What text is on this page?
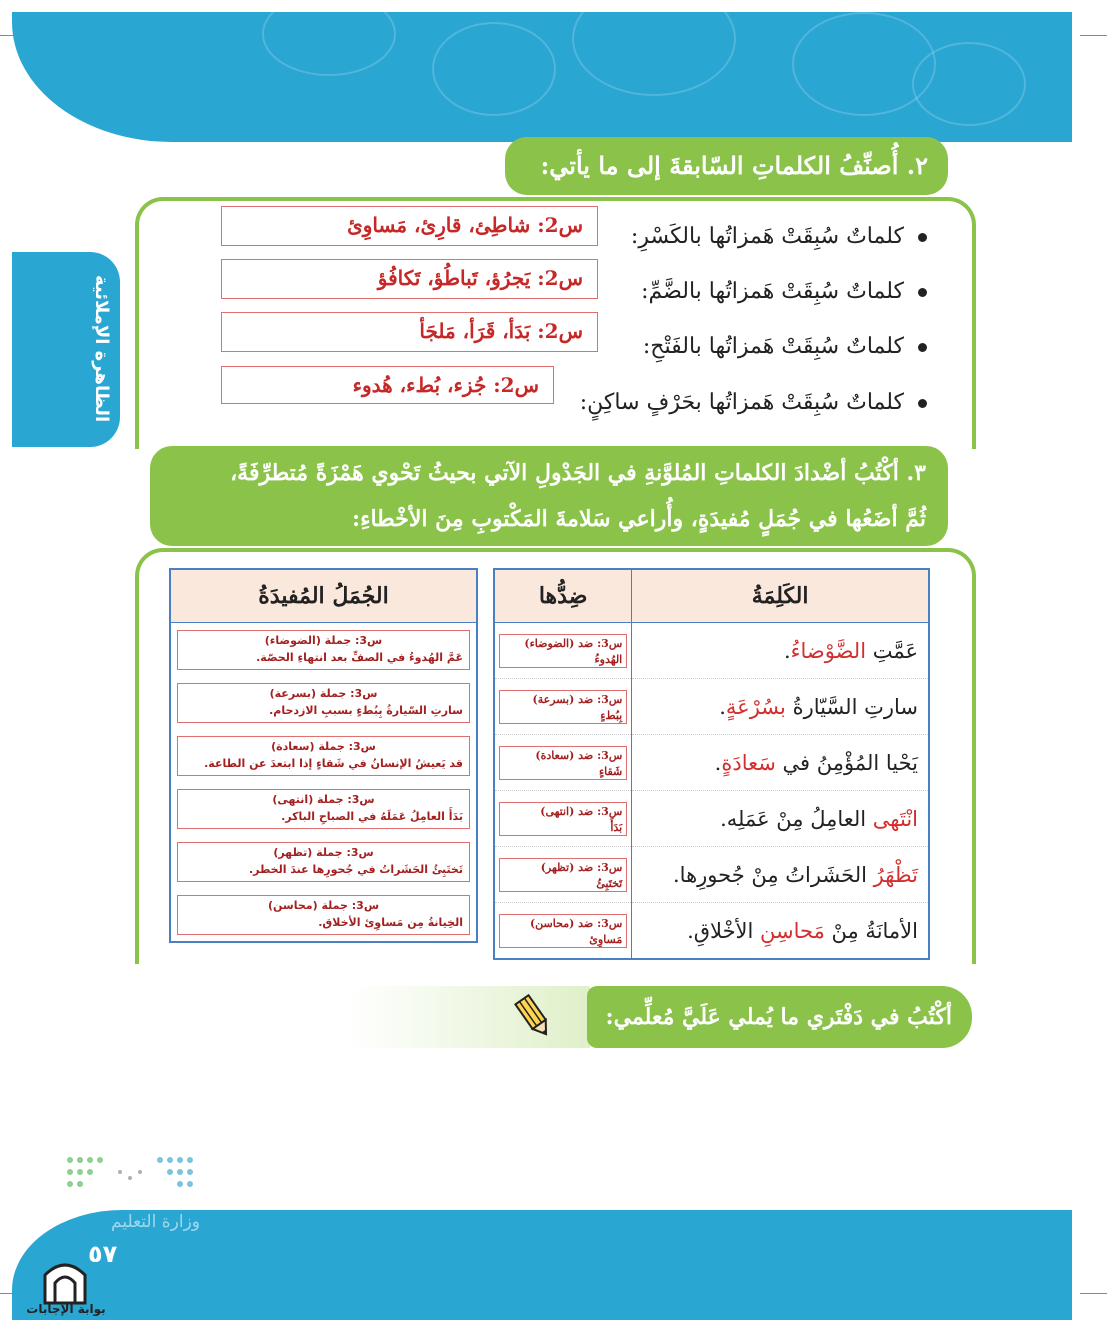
الظاهرة الإملائية
٢. أُصنِّفُ الكلماتِ السّابقةَ إلى ما يأتي:
كلماتٌ سُبِقَتْ هَمزاتُها بالكَسْرِ:
كلماتٌ سُبِقَتْ هَمزاتُها بالضَّمِّ:
كلماتٌ سُبِقَتْ هَمزاتُها بالفَتْحِ:
كلماتٌ سُبِقَتْ هَمزاتُها بحَرْفٍ ساكِنٍ:
س2: شاطِئ، قارِئ، مَساوِئ
س2: يَجرُؤ، تَباطُؤ، تَكافُؤ
س2: بَدَأ، قَرَأ، مَلجَأ
س2: جُزء، بُطء، هُدوء
٣. أكْتُبُ أضْدادَ الكلماتِ المُلوَّنةِ في الجَدْولِ الآتي بحيثُ تَحْوي هَمْزَةً مُتطرِّفَةً،
ثُمَّ أضَعُها في جُمَلٍ مُفيدَةٍ، وأُراعي سَلامةَ المَكْتوبِ مِنَ الأخْطاءِ:
الكَلِمَةُ	ضِدُّها
عَمَّتِ الضَّوْضاءُ.	س3: ضد (الضوضاء)
الهُدوءُ

سارتِ السَّيّارةُ بسُرْعَةٍ.	س3: ضد (بسرعة)
بِبُطءٍ

يَحْيا المُؤْمِنُ في سَعادَةٍ.	س3: ضد (سعادة)
شَقاءٍ

انْتَهى العامِلُ مِنْ عَمَلِه.	س3: ضد (انتهى)
بَدَأَ

تَظْهَرُ الحَشَراتُ مِنْ جُحورِها.	س3: ضد (تظهر)
تَختَبِئُ

الأمانَةُ مِنْ مَحاسِنِ الأخْلاقِ.	س3: ضد (محاسن)
مَساوِئ
الجُمَلُ المُفيدَةُ

س3: جملة (الضوضاء)
عَمَّ الهُدوءُ في الصفِّ بعد انتهاءِ الحصّة.

س3: جملة (بسرعة)
سارتِ السّيارةُ بِبُطءٍ بسببِ الازدحام.

س3: جملة (سعادة)
قد يَعيشُ الإنسانُ في شَقاءٍ إذا ابتعدَ عن الطاعة.

س3: جملة (انتهى)
بَدَأَ العامِلُ عَمَلَهُ في الصباحِ الباكر.

س3: جملة (تظهر)
تَختَبِئُ الحَشَراتُ في جُحورِها عندَ الخطر.

س3: جملة (محاسن)
الخِيانةُ مِن مَساوِئ الأخلاق.
أكْتُبُ في دَفْتَري ما يُملي عَلَيَّ مُعلِّمي:
وزارة التعليم
٥٧
بوابة الإجابات
